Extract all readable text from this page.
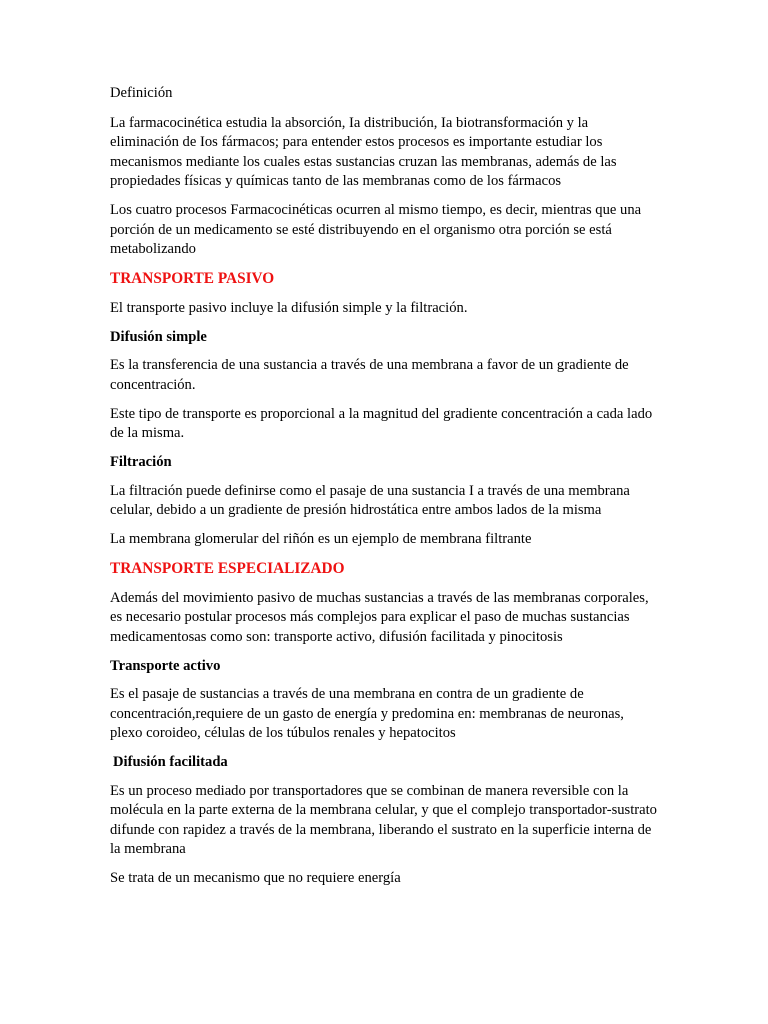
Definición

La farmacocinética estudia la absorción, Ia distribución, Ia biotransformación y la eliminación de Ios fármacos; para entender estos procesos es importante estudiar los mecanismos mediante los cuales estas sustancias cruzan las membranas, además de las propiedades físicas y químicas tanto de las membranas como de los fármacos

Los cuatro procesos Farmacocinéticas ocurren al mismo tiempo, es decir, mientras que una porción de un medicamento se esté distribuyendo en el organismo otra porción se está metabolizando

TRANSPORTE PASIVO

El transporte pasivo incluye la difusión simple y la filtración.

Difusión simple

Es la transferencia de una sustancia a través de una membrana a favor de un gradiente de concentración.

Este tipo de transporte es proporcional a la magnitud del gradiente concentración a cada lado de la misma.

Filtración

La filtración puede definirse como el pasaje de una sustancia I a través de una membrana celular, debido a un gradiente de presión hidrostática entre ambos lados de la misma

La membrana glomerular del riñón es un ejemplo de membrana filtrante

TRANSPORTE ESPECIALIZADO

Además del movimiento pasivo de muchas sustancias a través de las membranas corporales, es necesario postular procesos más complejos para explicar el paso de muchas sustancias medicamentosas como son: transporte activo, difusión facilitada y pinocitosis

Transporte activo

Es el pasaje de sustancias a través de una membrana en contra de un gradiente de concentración,requiere de un gasto de energía y predomina en: membranas de neuronas, plexo coroideo, células de los túbulos renales y hepatocitos

Difusión facilitada

Es un proceso mediado por transportadores que se combinan de manera reversible con la molécula en la parte externa de la membrana celular, y que el complejo transportador-sustrato difunde con rapidez a través de la membrana, liberando el sustrato en la superficie interna de la membrana

Se trata de un mecanismo que no requiere energía
